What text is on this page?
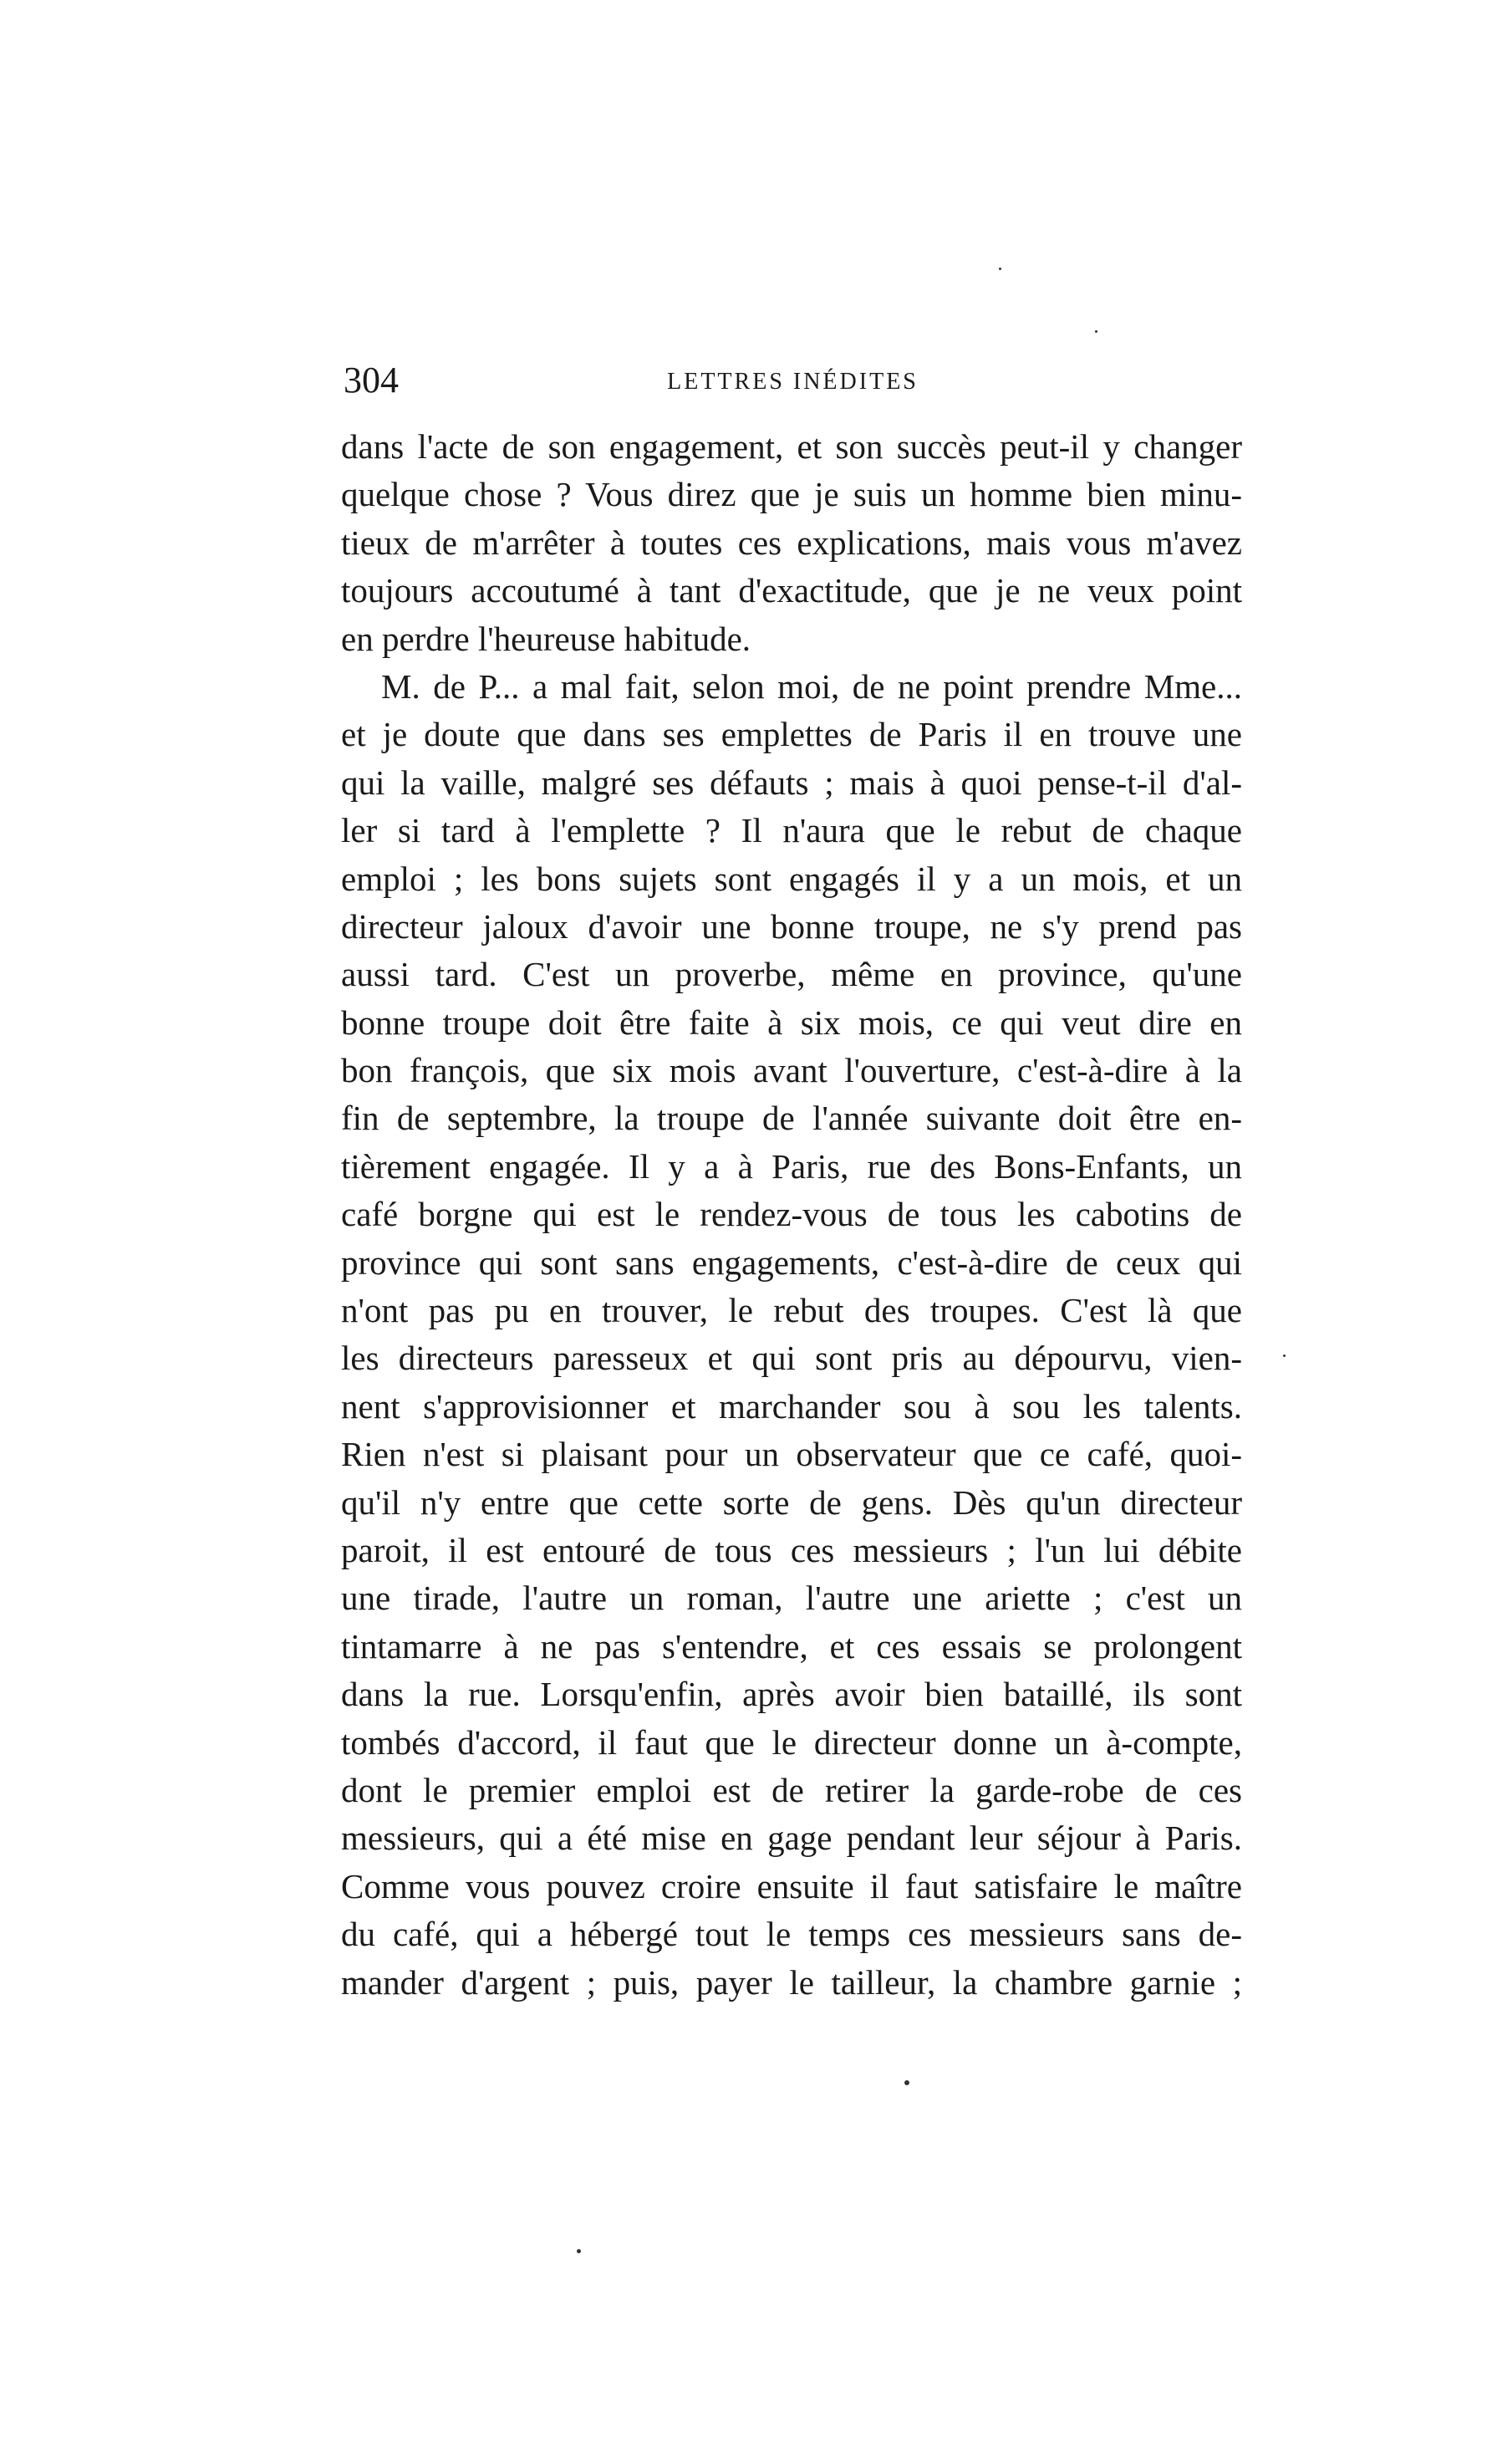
304	LETTRES INÉDITES
dans l'acte de son engagement, et son succès peut-il y changer
quelque chose ? Vous direz que je suis un homme bien minu-
tieux de m'arrêter à toutes ces explications, mais vous m'avez
toujours accoutumé à tant d'exactitude, que je ne veux point
en perdre l'heureuse habitude.
M. de P... a mal fait, selon moi, de ne point prendre Mme...
et je doute que dans ses emplettes de Paris il en trouve une
qui la vaille, malgré ses défauts ; mais à quoi pense-t-il d'al-
ler si tard à l'emplette ? Il n'aura que le rebut de chaque
emploi ; les bons sujets sont engagés il y a un mois, et un
directeur jaloux d'avoir une bonne troupe, ne s'y prend pas
aussi tard. C'est un proverbe, même en province, qu'une
bonne troupe doit être faite à six mois, ce qui veut dire en
bon françois, que six mois avant l'ouverture, c'est-à-dire à la
fin de septembre, la troupe de l'année suivante doit être en-
tièrement engagée. Il y a à Paris, rue des Bons-Enfants, un
café borgne qui est le rendez-vous de tous les cabotins de
province qui sont sans engagements, c'est-à-dire de ceux qui
n'ont pas pu en trouver, le rebut des troupes. C'est là que
les directeurs paresseux et qui sont pris au dépourvu, vien-
nent s'approvisionner et marchander sou à sou les talents.
Rien n'est si plaisant pour un observateur que ce café, quoi-
qu'il n'y entre que cette sorte de gens. Dès qu'un directeur
paroit, il est entouré de tous ces messieurs ; l'un lui débite
une tirade, l'autre un roman, l'autre une ariette ; c'est un
tintamarre à ne pas s'entendre, et ces essais se prolongent
dans la rue. Lorsqu'enfin, après avoir bien bataillé, ils sont
tombés d'accord, il faut que le directeur donne un à-compte,
dont le premier emploi est de retirer la garde-robe de ces
messieurs, qui a été mise en gage pendant leur séjour à Paris.
Comme vous pouvez croire ensuite il faut satisfaire le maître
du café, qui a hébergé tout le temps ces messieurs sans de-
mander d'argent ; puis, payer le tailleur, la chambre garnie ;
